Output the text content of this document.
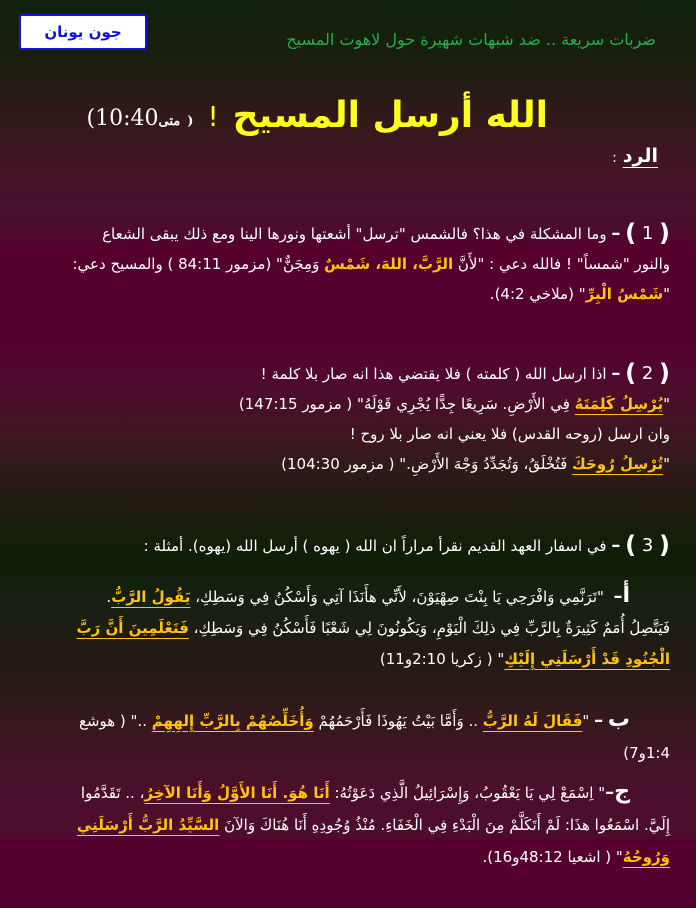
جون يونان	ضربات سريعة .. ضد شبهات شهيرة حول لاهوت المسيح
الله أرسل المسيح
!
( متى10:40)
الرد:
( 1 ) – وما المشكلة في هذا؟ فالشمس "ترسل" أشعتها ونورها الينا ومع ذلك يبقى الشعاع
والنور "شمساً" ! فالله دعي : "لأَنَّ الرَّبَّ، اللهَ، شَمْسٌ وَمِجَنٌّ" (مزمور 84:11 ) والمسيح دعي:
"شَمْسُ الْبِرِّ" (ملاخي 4:2).
( 2 ) – اذا ارسل الله ( كلمته ) فلا يقتضي هذا انه صار بلا كلمة !
"يُرْسِلُ كَلِمَتَهُ فِي الأَرْضِ. سَرِيعًا جِدًّا يُجْرِي قَوْلَهُ" ( مزمور 147:15)
وان ارسل (روحه القدس) فلا يعني انه صار بلا روح !
"تُرْسِلُ رُوحَكَ فَتُخْلَقُ، وَتُجَدِّدُ وَجْهَ الأَرْضِ." ( مزمور 104:30)
( 3 ) – في اسفار العهد القديم نقرأ مراراً ان الله ( يهوه ) أرسل الله (يهوه). أمثلة :
أ–  "تَرَنَّمِي وَافْرَحِي يَا بِنْتَ صِهْيَوْنَ، لأَنِّي هأَنَذَا آتِي وَأَسْكُنُ فِي وَسَطِكِ، يَقُولُ الرَّبُّ.
فَيَتَّصِلُ أُمَمٌ كَثِيرَةٌ بِالرَّبِّ فِي ذلِكَ الْيَوْمِ، وَيَكُونُونَ لِي شَعْبًا فَأَسْكُنُ فِي وَسَطِكِ، فَتَعْلَمِينَ أَنَّ رَبَّ
الْجُنُودِ قَدْ أَرْسَلَنِي إِلَيْكِ" ( زكريا 2:10و11)
ب – "فَقَالَ لَهُ الرَّبُّ .. وَأَمَّا بَيْتُ يَهُوذَا فَأَرْحَمُهُمْ وَأُخَلِّصُهُمْ بِالرَّبِّ إِلهِهِمْ .." ( هوشع
1:4و7)
ج–" اِسْمَعْ لِي يَا يَعْقُوبُ، وَإِسْرَائِيلُ الَّذِي دَعَوْتُهُ: أَنَا هُوَ. أَنَا الأَوَّلُ وَأَنَا الآخِرُ، .. تَقَدَّمُوا
إِلَيَّ. اسْمَعُوا هذَا: لَمْ أَتَكَلَّمْ مِنَ الْبَدْءِ فِي الْخَفَاءِ. مُنْذُ وُجُودِهِ أَنَا هُنَاكَ وَالآنَ السَّيِّدُ الرَّبُّ أَرْسَلَنِي
وَرُوحُهُ" ( اشعيا 48:12و16).
